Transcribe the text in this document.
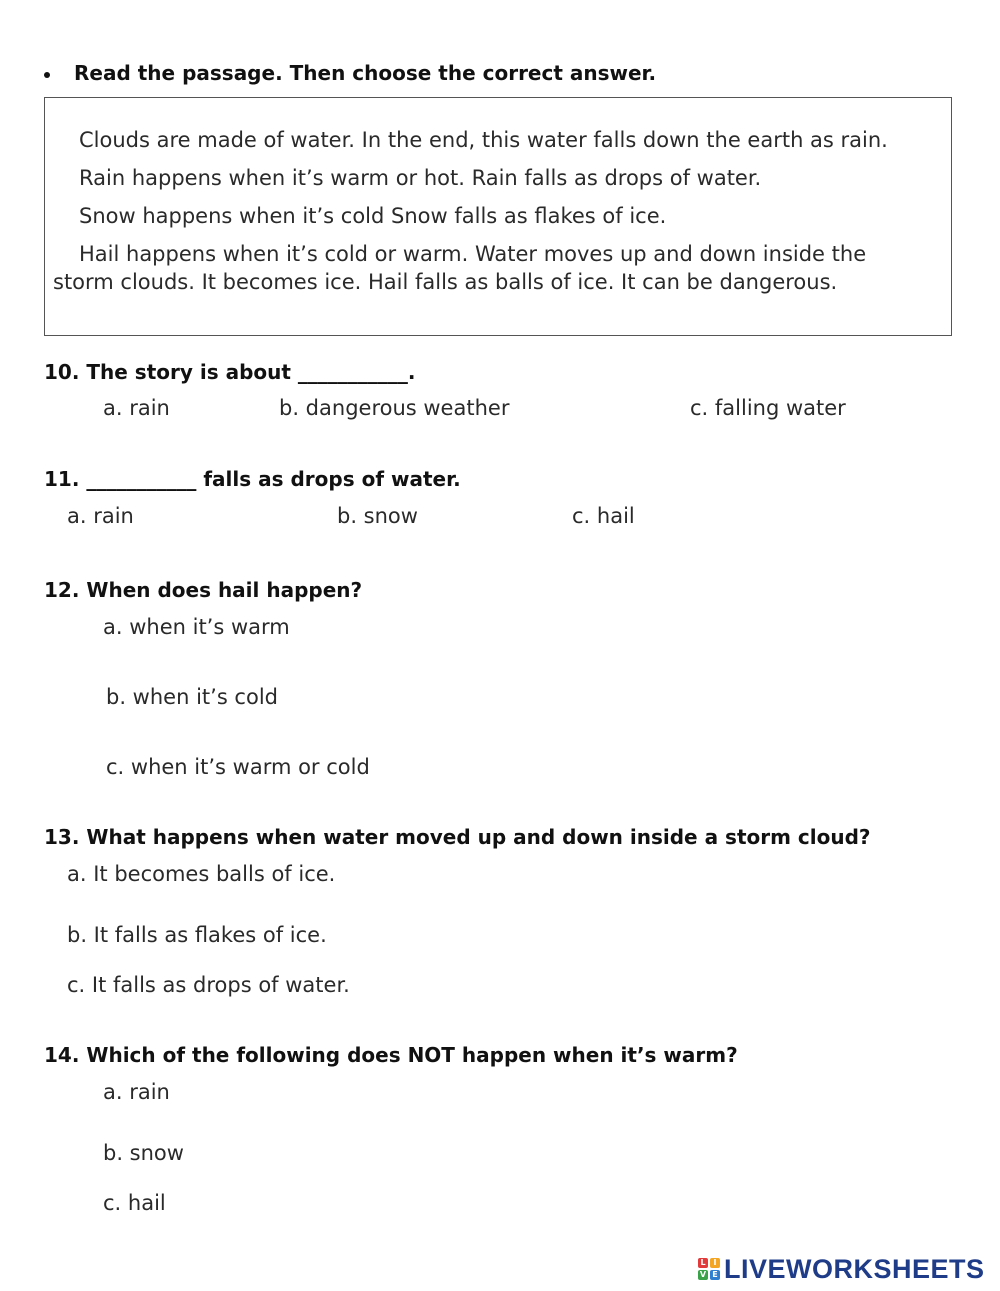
Read the passage. Then choose the correct answer.
Clouds are made of water. In the end, this water falls down the earth as rain.
Rain happens when it’s warm or hot. Rain falls as drops of water.
Snow happens when it’s cold Snow falls as flakes of ice.
Hail happens when it’s cold or warm. Water moves up and down inside the
storm clouds. It becomes ice. Hail falls as balls of ice. It can be dangerous.
10. The story is about ___________.
a. rain	b. dangerous weather	c. falling water
11. ___________ falls as drops of water.
a. rain	b. snow	c. hail
12. When does hail happen?
a. when it’s warm
b. when it’s cold
c. when it’s warm or cold
13. What happens when water moved up and down inside a storm cloud?
a. It becomes balls of ice.
b. It falls as flakes of ice.
c. It falls as drops of water.
14. Which of the following does NOT happen when it’s warm?
a. rain
b. snow
c. hail
L I
V E LIVEWORKSHEETS
